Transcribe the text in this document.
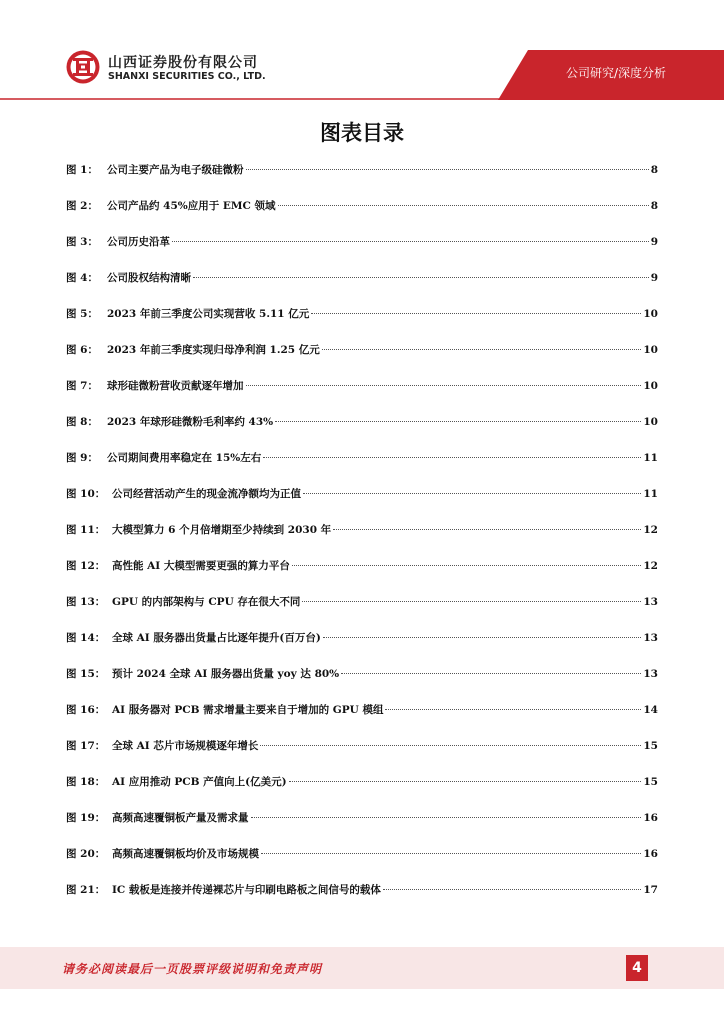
山西证券股份有限公司
SHANXI SECURITIES CO., LTD.	公司研究/深度分析
图表目录
图 1： 公司主要产品为电子级硅微粉	8
图 2： 公司产品约 45%应用于 EMC 领域	8
图 3： 公司历史沿革	9
图 4： 公司股权结构清晰	9
图 5： 2023 年前三季度公司实现营收 5.11 亿元	10
图 6： 2023 年前三季度实现归母净利润 1.25 亿元	10
图 7： 球形硅微粉营收贡献逐年增加	10
图 8： 2023 年球形硅微粉毛利率约 43%	10
图 9： 公司期间费用率稳定在 15%左右	11
图 10： 公司经营活动产生的现金流净额均为正值	11
图 11： 大模型算力 6 个月倍增期至少持续到 2030 年	12
图 12： 高性能 AI 大模型需要更强的算力平台	12
图 13： GPU 的内部架构与 CPU 存在很大不同	13
图 14： 全球 AI 服务器出货量占比逐年提升(百万台)	13
图 15： 预计 2024 全球 AI 服务器出货量 yoy 达 80%	13
图 16： AI 服务器对 PCB 需求增量主要来自于增加的 GPU 模组	14
图 17： 全球 AI 芯片市场规模逐年增长	15
图 18： AI 应用推动 PCB 产值向上(亿美元)	15
图 19： 高频高速覆铜板产量及需求量	16
图 20： 高频高速覆铜板均价及市场规模	16
图 21： IC 载板是连接并传递裸芯片与印刷电路板之间信号的载体	17
请务必阅读最后一页股票评级说明和免责声明	4
